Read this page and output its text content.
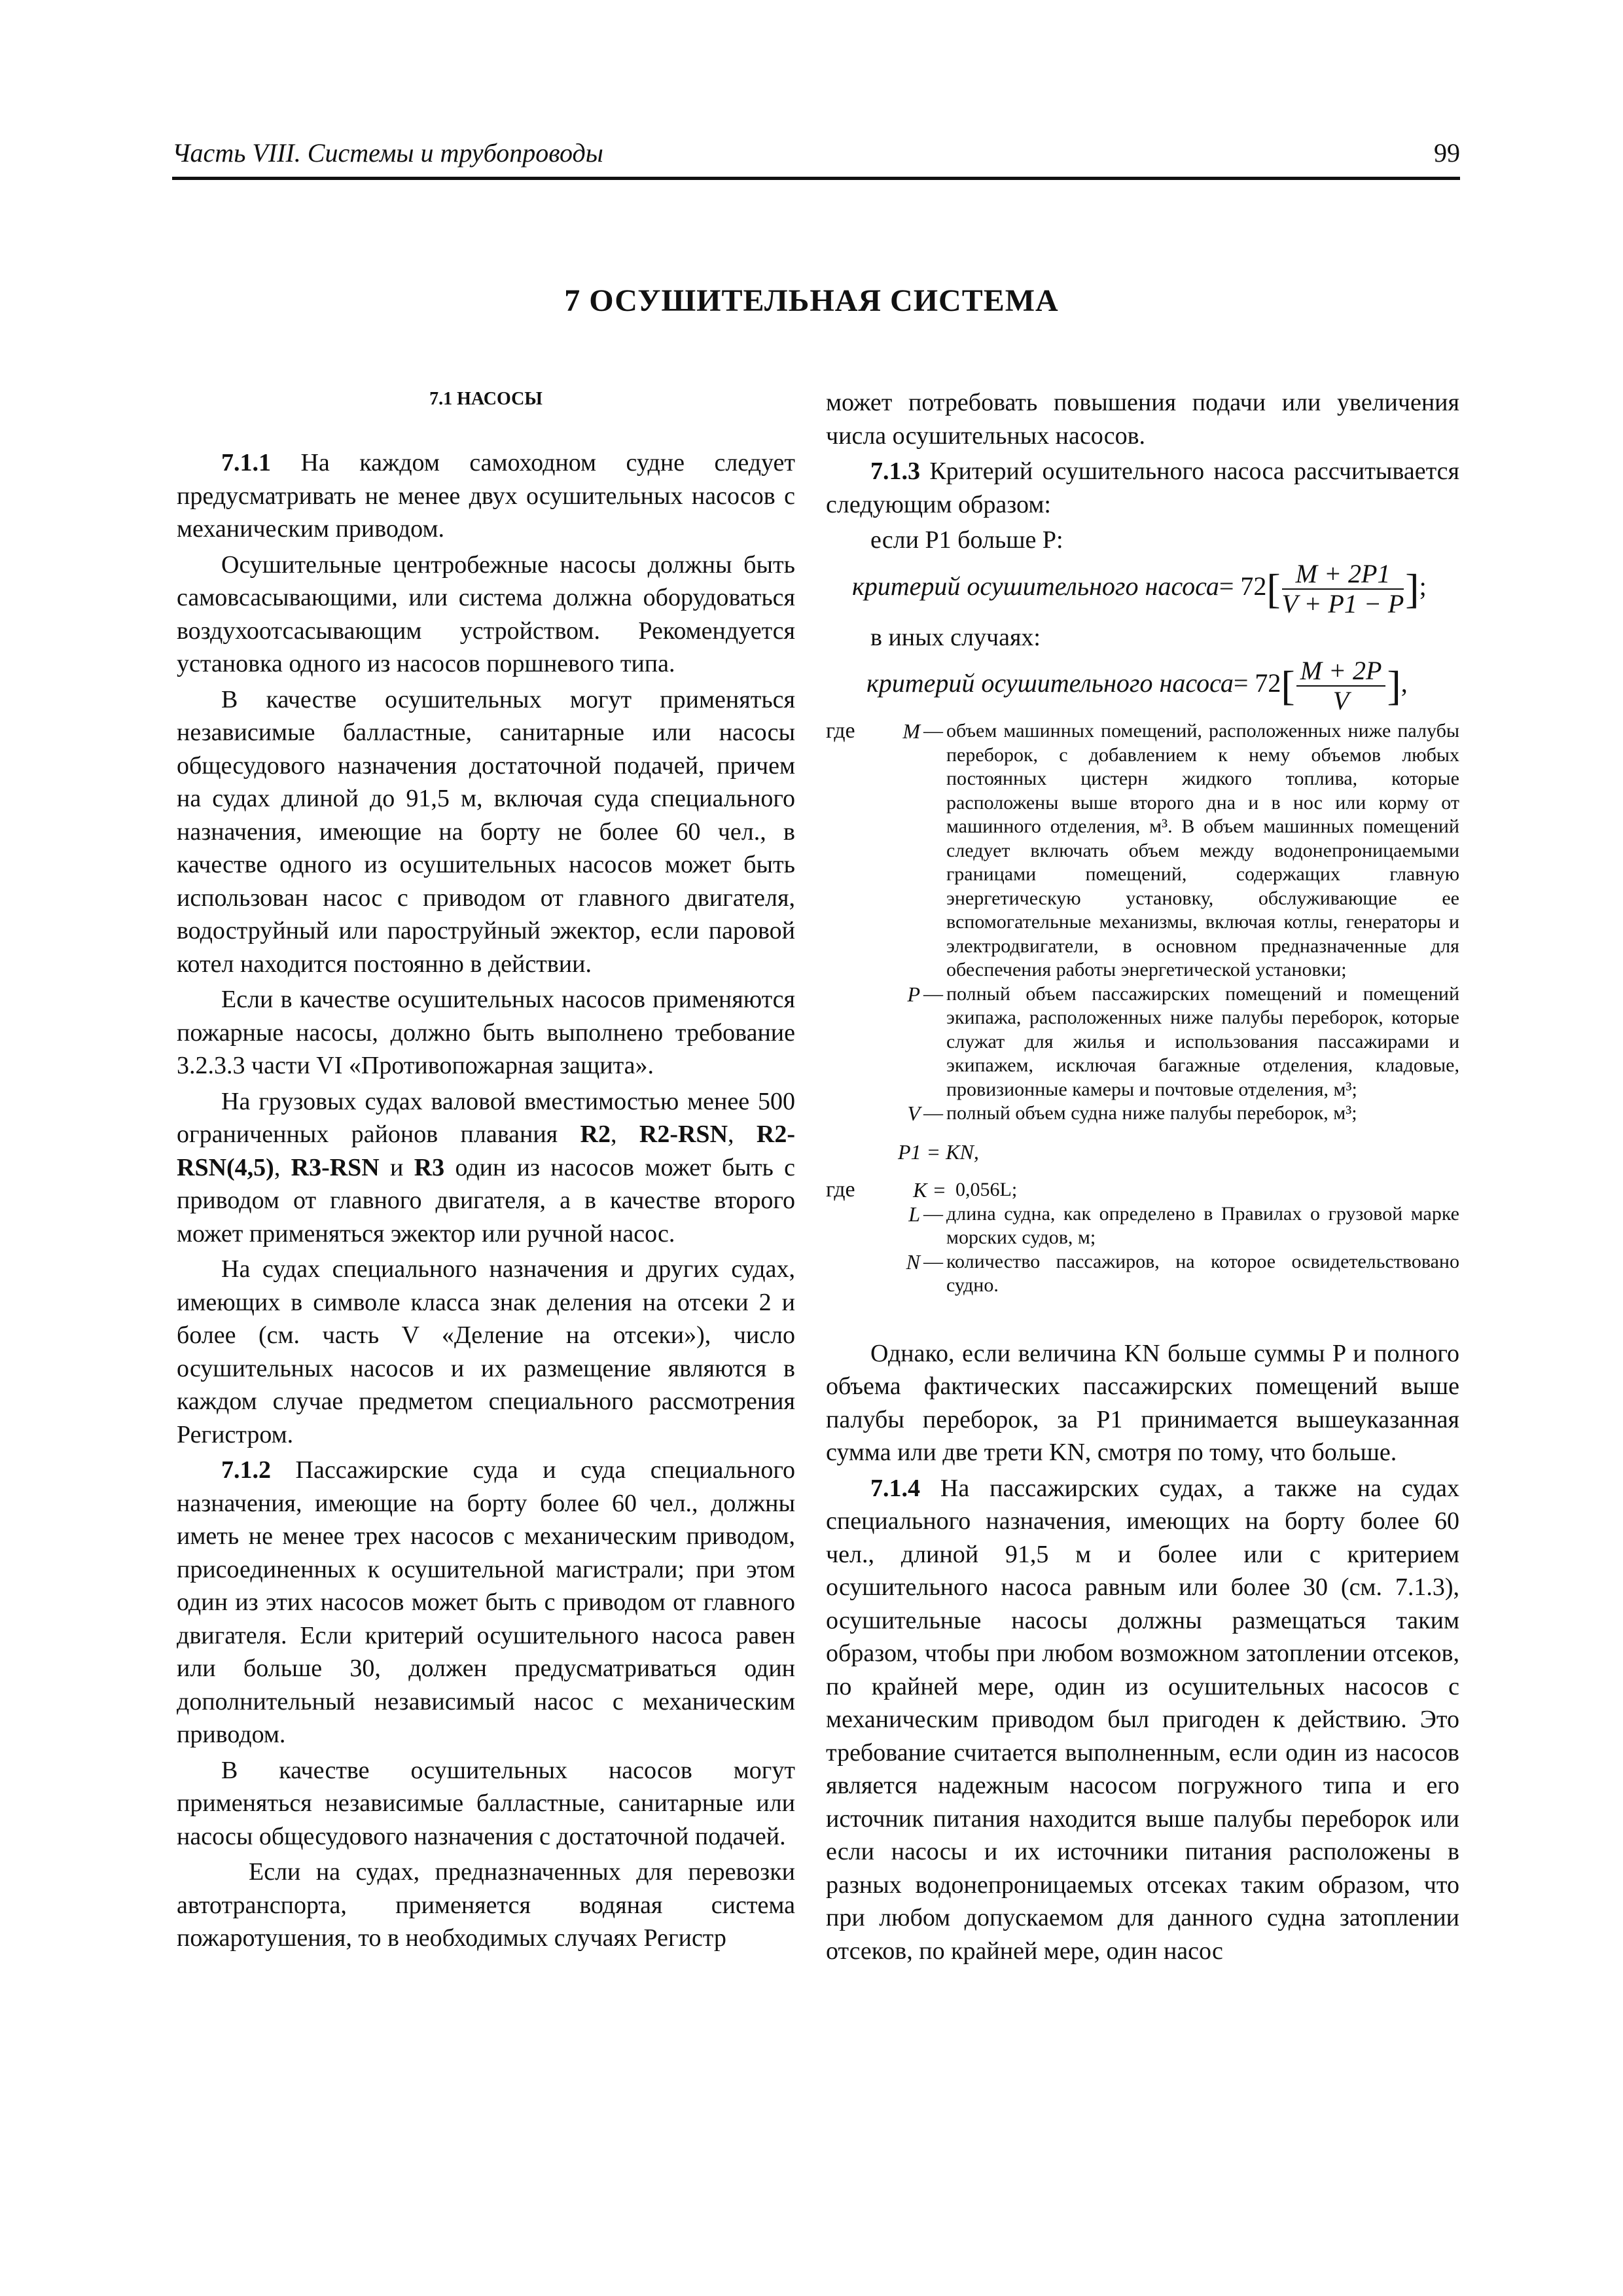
Часть VIII. Системы и трубопроводы	99
7 ОСУШИТЕЛЬНАЯ СИСТЕМА
7.1 НАСОСЫ

7.1.1 На каждом самоходном судне следует предусматривать не менее двух осушительных насосов с механическим приводом.

Осушительные центробежные насосы должны быть самовсасывающими, или система должна оборудоваться воздухоотсасывающим устройством. Рекомендуется установка одного из насосов поршневого типа.

В качестве осушительных могут применяться независимые балластные, санитарные или насосы общесудового назначения достаточной подачей, причем на судах длиной до 91,5 м, включая суда специального назначения, имеющие на борту не более 60 чел., в качестве одного из осушительных насосов может быть использован насос с приводом от главного двигателя, водоструйный или пароструйный эжектор, если паровой котел находится постоянно в действии.

Если в качестве осушительных насосов применяются пожарные насосы, должно быть выполнено требование 3.2.3.3 части VI «Противопожарная защита».

На грузовых судах валовой вместимостью менее 500 ограниченных районов плавания R2, R2-RSN, R2-RSN(4,5), R3-RSN и R3 один из насосов может быть с приводом от главного двигателя, а в качестве второго может применяться эжектор или ручной насос.

На судах специального назначения и других судах, имеющих в символе класса знак деления на отсеки 2 и более (см. часть V «Деление на отсеки»), число осушительных насосов и их размещение являются в каждом случае предметом специального рассмотрения Регистром.

7.1.2 Пассажирские суда и суда специального назначения, имеющие на борту более 60 чел., должны иметь не менее трех насосов с механическим приводом, присоединенных к осушительной магистрали; при этом один из этих насосов может быть с приводом от главного двигателя. Если критерий осушительного насоса равен или больше 30, должен предусматриваться один дополнительный независимый насос с механическим приводом.

В качестве осушительных насосов могут применяться независимые балластные, санитарные или насосы общесудового назначения с достаточной подачей.

Если на судах, предназначенных для перевозки автотранспорта, применяется водяная система пожаротушения, то в необходимых случаях Регистр

может потребовать повышения подачи или увеличения числа осушительных насосов.

7.1.3 Критерий осушительного насоса рассчитывается следующим образом:

если P1 больше P:

критерий осушительного насоса= $72[ \frac{M + 2P1}{V + P1 - P}$ ];

в иных случаях:

критерий осушительного насоса= $72[ \frac{M + 2P}{V}$ ],
где	M — объем машинных помещений, расположенных ниже палубы переборок, с добавлением к нему объемов любых постоянных цистерн жидкого топлива, которые расположены выше второго дна и в нос или корму от машинного отделения, м³. В объем машинных помещений следует включать объем между водонепроницаемыми границами помещений, содержащих главную энергетическую установку, обслуживающие ее вспомогательные механизмы, включая котлы, генераторы и электродвигатели, в основном предназначенные для обеспечения работы энергетической установки;
P — полный объем пассажирских помещений и помещений экипажа, расположенных ниже палубы переборок, которые служат для жилья и использования пассажирами и экипажем, исключая багажные отделения, кладовые, провизионные камеры и почтовые отделения, м³;
V — полный объем судна ниже палубы переборок, м³;
P1 = KN,
где	K = 0,056L;
L — длина судна, как определено в Правилах о грузовой марке морских судов, м;
N — количество пассажиров, на которое освидетельствовано судно.

Однако, если величина KN больше суммы P и полного объема фактических пассажирских помещений выше палубы переборок, за P1 принимается вышеуказанная сумма или две трети KN, смотря по тому, что больше.

7.1.4 На пассажирских судах, а также на судах специального назначения, имеющих на борту более 60 чел., длиной 91,5 м и более или с критерием осушительного насоса равным или более 30 (см. 7.1.3), осушительные насосы должны размещаться таким образом, чтобы при любом возможном затоплении отсеков, по крайней мере, один из осушительных насосов с механическим приводом был пригоден к действию. Это требование считается выполненным, если один из насосов является надежным насосом погружного типа и его источник питания находится выше палубы переборок или если насосы и их источники питания расположены в разных водонепроницаемых отсеках таким образом, что при любом допускаемом для данного судна затоплении отсеков, по крайней мере, один насос
